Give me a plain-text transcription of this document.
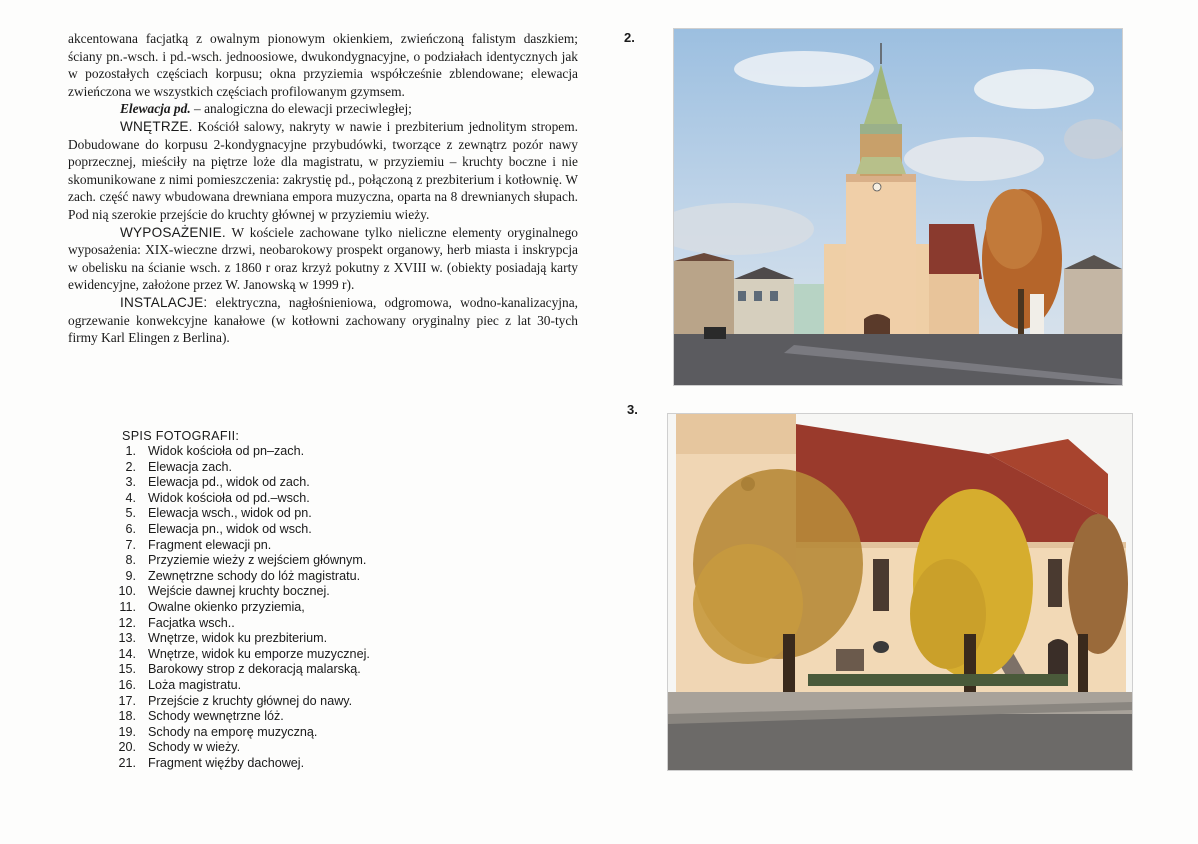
akcentowana facjatką z owalnym pionowym okienkiem, zwieńczoną falistym daszkiem; ściany pn.-wsch. i pd.-wsch. jednoosiowe, dwukondygnacyjne, o podziałach identycznych jak w pozostałych częściach korpusu; okna przyziemia współcześnie zblendowane; elewacja zwieńczona we wszystkich częściach profilowanym gzymsem.

Elewacja pd. – analogiczna do elewacji przeciwległej;

WNĘTRZE. Kościół salowy, nakryty w nawie i prezbiterium jednolitym stropem. Dobudowane do korpusu 2-kondygnacyjne przybudówki, tworzące z zewnątrz pozór nawy poprzecznej, mieściły na piętrze loże dla magistratu, w przyziemiu – kruchty boczne i nie skomunikowane z nimi pomieszczenia: zakrystię pd., połączoną z prezbiterium i kotłownię. W zach. część nawy wbudowana drewniana empora muzyczna, oparta na 8 drewnianych słupach. Pod nią szerokie przejście do kruchty głównej w przyziemiu wieży.

WYPOSAŻENIE. W kościele zachowane tylko nieliczne elementy oryginalnego wyposażenia: XIX-wieczne drzwi, neobarokowy prospekt organowy, herb miasta i inskrypcja w obelisku na ścianie wsch. z 1860 r oraz krzyż pokutny z XVIII w. (obiekty posiadają karty ewidencyjne, założone przez W. Janowską w 1999 r).

INSTALACJE: elektryczna, nagłośnieniowa, odgromowa, wodno-kanalizacyjna, ogrzewanie konwekcyjne kanałowe (w kotłowni zachowany oryginalny piec z lat 30-tych firmy Karl Elingen z Berlina).

SPIS FOTOGRAFII:
1. Widok kościoła od pn–zach.
2. Elewacja zach.
3. Elewacja pd., widok od zach.
4. Widok kościoła od pd.–wsch.
5. Elewacja wsch., widok od pn.
6. Elewacja pn., widok od wsch.
7. Fragment elewacji pn.
8. Przyziemie wieży z wejściem głównym.
9. Zewnętrzne schody do lóż magistratu.
10. Wejście dawnej kruchty bocznej.
11. Owalne okienko przyziemia,
12. Facjatka wsch..
13. Wnętrze, widok ku prezbiterium.
14. Wnętrze, widok ku emporze muzycznej.
15. Barokowy strop z dekoracją malarską.
16. Loża magistratu.
17. Przejście z kruchty głównej do nawy.
18. Schody wewnętrzne lóż.
19. Schody na emporę muzyczną.
20. Schody w wieży.
21. Fragment więźby dachowej.
2.
3.
